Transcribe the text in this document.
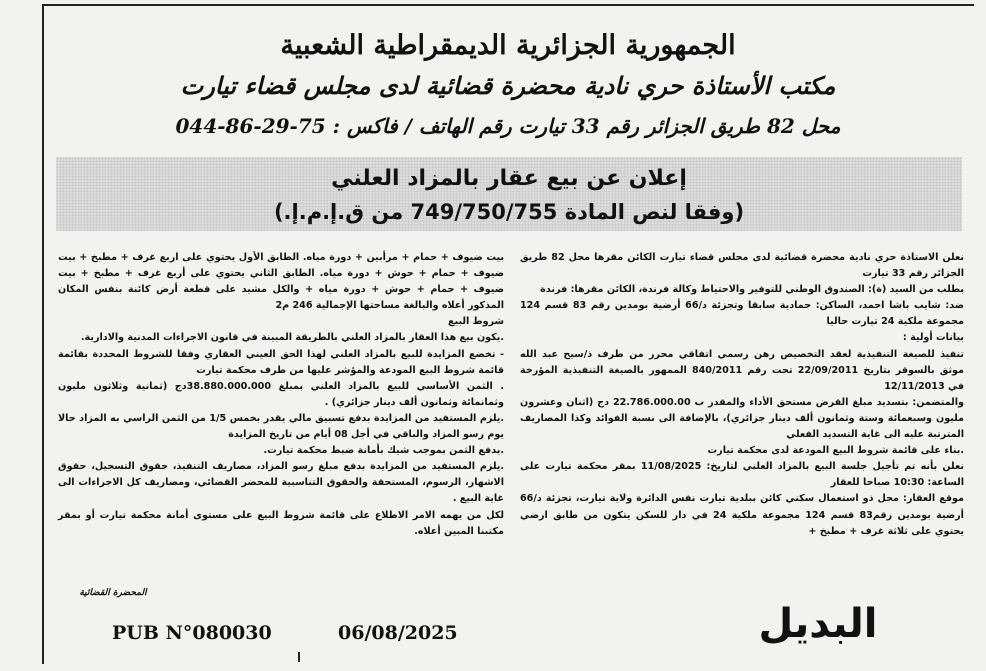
الجمهورية الجزائرية الديمقراطية الشعبية

مكتب الأستاذة حري نادية محضرة قضائية لدى مجلس قضاء تيارت

محل 82 طريق الجزائر رقم 33 تيارت رقم الهاتف / فاكس : 75-29-86-044

إعلان عن بيع عقار بالمزاد العلني
(وفقا لنص المادة 749/750/755 من ق.إ.م.إ.)

نعلن الاستاذة حري نادية محضرة قضائية لدى مجلس قضاء تيارت الكائن مقرها محل 82 طريق الجزائر رقم 33 تيارت

بطلب من السيد (ة): الصندوق الوطني للتوفير والاحتياط وكالة فرندة، الكائن مقرها: فرندة

ضد: شايب باشا احمد، الساكن: حمادية سابقا وتجزئة د/66 أرضية بومدين رقم 83 قسم 124 مجموعة ملكية 24 تيارت حاليا

بيانات أولية :

تنفيذ للصيغة التنفيذية لعقد التخصيص رهن رسمي اتفاقي محرر من طرف ذ/سيح عبد الله موثق بالسوقر بتاريخ 22/09/2011 تحت رقم 840/2011 الممهور بالصيغة التنفيذية المؤرخة في 12/11/2013

والمتضمن: بتسديد مبلغ القرض مستحق الأداء والمقدر ب 22.786.000.00 دج (اثنان وعشرون مليون وسبعمائة وستة وثمانون ألف دينار جزائري)، بالإضافة الى نسبة الفوائد وكذا المصاريف المترتبة عليه الى غاية التسديد الفعلي

.بناء على قائمة شروط البيع المودعة لدى محكمة تيارت

نعلن بأنه تم تأجيل جلسة البيع بالمزاد العلني لتاريخ: 11/08/2025 بمقر محكمة تيارت على الساعة: 10:30 صباحا للعقار

موقع العقار: محل ذو استعمال سكني كائن ببلدية تيارت نفس الدائرة ولاية تيارت، تجزئة د/66 أرضية بومدين رقم83 قسم 124 مجموعة ملكية 24 في دار للسكن يتكون من طابق ارضي يحتوي على ثلاثة غرف + مطبخ +

بيت ضيوف + حمام + مرأبين + دورة مياه. الطابق الأول يحتوي على اربع غرف + مطبخ + بيت ضيوف + حمام + حوش + دورة مياه. الطابق الثاني يحتوي على أربع غرف + مطبخ + بيت ضيوف + حمام + حوش + دورة مياه + والكل مشيد على قطعة أرض كائنة بنفس المكان المذكور أعلاه والبالغة مساحتها الإجمالية 246 م2

شروط البيع

.يكون بيع هذا العقار بالمزاد العلني بالطريقة المبينة في قانون الاجراءات المدنية والادارية.

- تخضع المزايدة للبيع بالمزاد العلني لهذا الحق العيني العقاري وفقا للشروط المحددة بقائمة قائمة شروط البيع المودعة والمؤشر عليها من طرف محكمة تيارت

. الثمن الأساسي للبيع بالمزاد العلني بمبلغ 38.880.000.000دج (ثمانية وثلاثون مليون وثمانمائة وثمانون ألف دينار جزائري) .

.يلزم المستفيد من المزايدة بدفع تسبيق مالي يقدر بخمس 1/5 من الثمن الراسي به المزاد حالا يوم رسو المزاد والباقي في أجل 08 أيام من تاريخ المزايدة

.يدفع الثمن بموجب شيك بأمانة ضبط محكمة تيارت.

.يلزم المستفيد من المزايدة بدفع مبلغ رسو المزاد، مصاريف التنفيذ، حقوق التسجيل، حقوق الاشهار، الرسوم، المستحقة والحقوق التناسبية للمحضر القضائي، ومصاريف كل الاجراءات الى غاية البيع .

لكل من يهمه الامر الاطلاع على قائمة شروط البيع على مستوى أمانة محكمة تيارت أو بمقر مكتبنا المبين أعلاه.

المحضرة القضائية
البديل
PUB N°080030	06/08/2025
